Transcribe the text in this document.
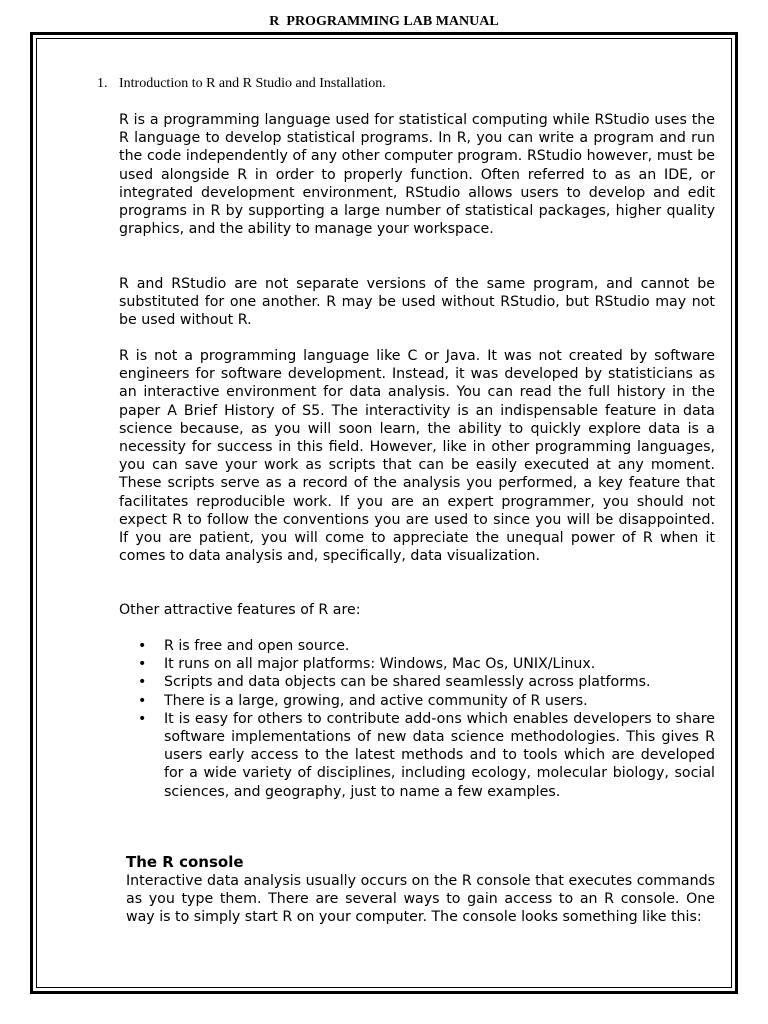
R  PROGRAMMING LAB MANUAL
1. Introduction to R and R Studio and Installation.

R is a programming language used for statistical computing while RStudio uses the R language to develop statistical programs. In R, you can write a program and run the code independently of any other computer program. RStudio however, must be used alongside R in order to properly function. Often referred to as an IDE, or integrated development environment, RStudio allows users to develop and edit programs in R by supporting a large number of statistical packages, higher quality graphics, and the ability to manage your workspace.

R and RStudio are not separate versions of the same program, and cannot be substituted for one another. R may be used without RStudio, but RStudio may not be used without R.

R is not a programming language like C or Java. It was not created by software engineers for software development. Instead, it was developed by statisticians as an interactive environment for data analysis. You can read the full history in the paper A Brief History of S5. The interactivity is an indispensable feature in data science because, as you will soon learn, the ability to quickly explore data is a necessity for success in this field. However, like in other programming languages, you can save your work as scripts that can be easily executed at any moment. These scripts serve as a record of the analysis you performed, a key feature that facilitates reproducible work. If you are an expert programmer, you should not expect R to follow the conventions you are used to since you will be disappointed. If you are patient, you will come to appreciate the unequal power of R when it comes to data analysis and, specifically, data visualization.

Other attractive features of R are:

• R is free and open source.
• It runs on all major platforms: Windows, Mac Os, UNIX/Linux.
• Scripts and data objects can be shared seamlessly across platforms.
• There is a large, growing, and active community of R users.
• It is easy for others to contribute add-ons which enables developers to share software implementations of new data science methodologies. This gives R users early access to the latest methods and to tools which are developed for a wide variety of disciplines, including ecology, molecular biology, social sciences, and geography, just to name a few examples.
The R console

Interactive data analysis usually occurs on the R console that executes commands as you type them. There are several ways to gain access to an R console. One way is to simply start R on your computer. The console looks something like this:
